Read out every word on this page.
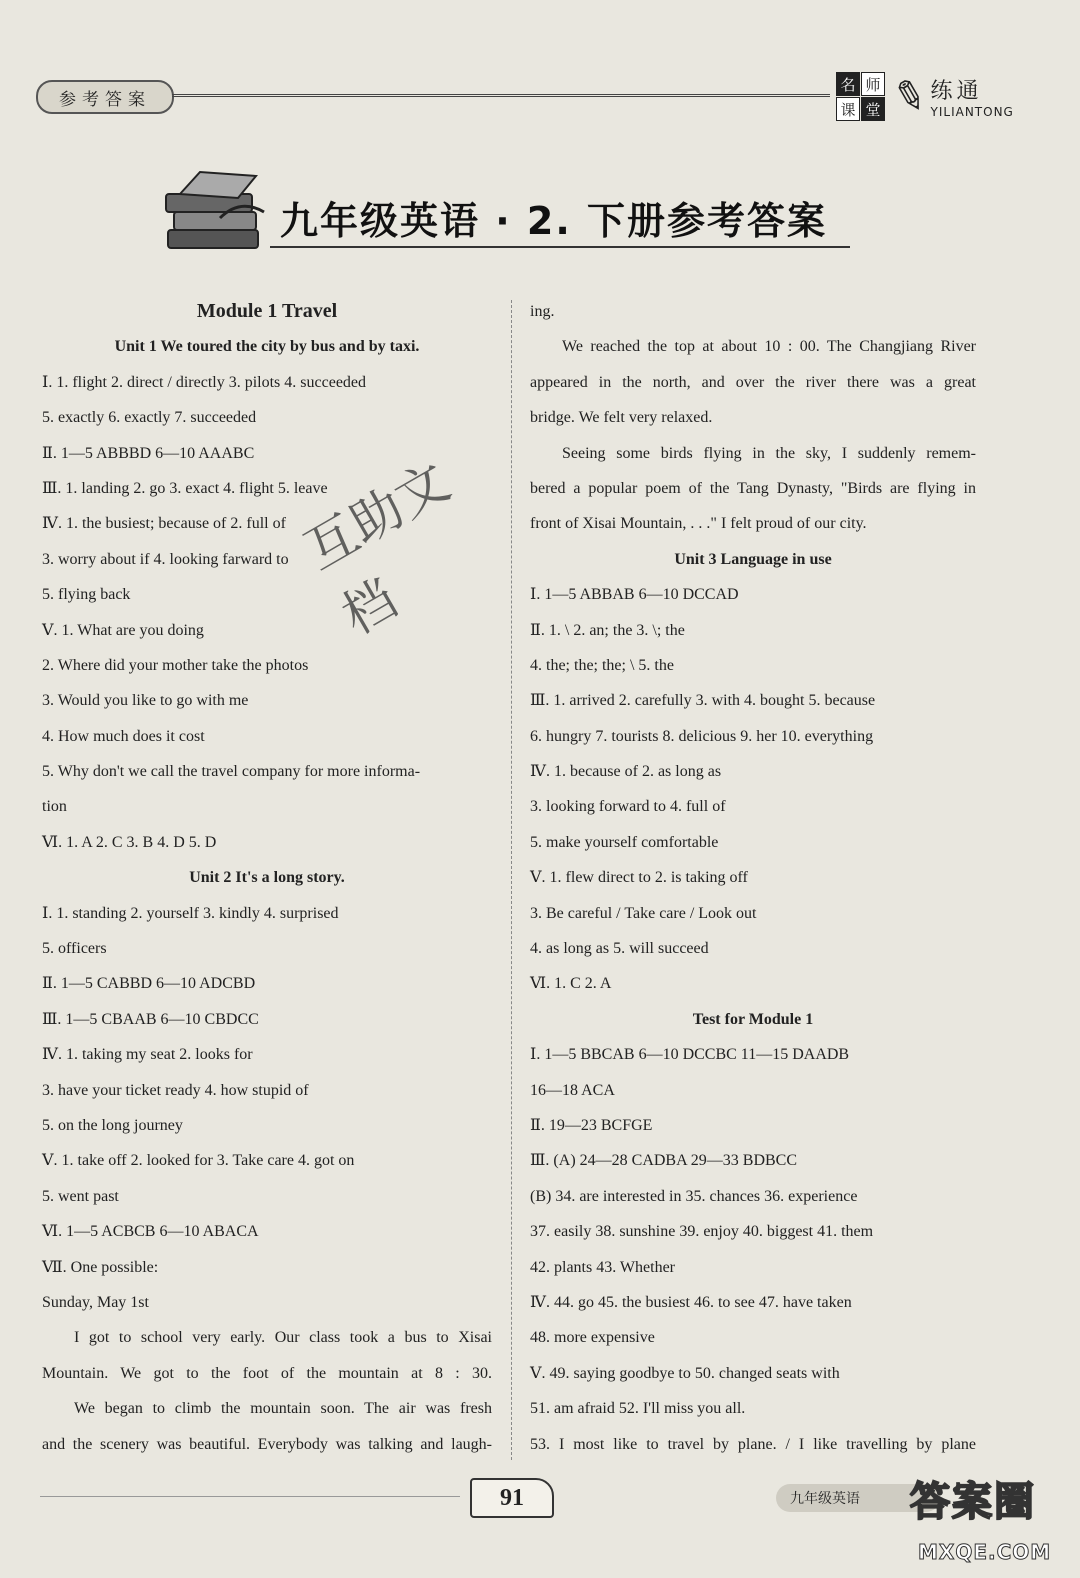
参考答案
名 师
课 堂 ✎
练通
YILIANTONG
九年级英语 · 2. 下册参考答案
Module 1 Travel
Unit 1 We toured the city by bus and by taxi.
Ⅰ. 1. flight 2. direct / directly 3. pilots 4. succeeded
5. exactly 6. exactly 7. succeeded
Ⅱ. 1—5 ABBBD 6—10 AAABC
Ⅲ. 1. landing 2. go 3. exact 4. flight 5. leave
Ⅳ. 1. the busiest; because of 2. full of
3. worry about if 4. looking farward to
5. flying back
Ⅴ. 1. What are you doing
2. Where did your mother take the photos
3. Would you like to go with me
4. How much does it cost
5. Why don't we call the travel company for more informa-
tion
Ⅵ. 1. A 2. C 3. B 4. D 5. D
Unit 2 It's a long story.
Ⅰ. 1. standing 2. yourself 3. kindly 4. surprised
5. officers
Ⅱ. 1—5 CABBD 6—10 ADCBD
Ⅲ. 1—5 CBAAB 6—10 CBDCC
Ⅳ. 1. taking my seat 2. looks for
3. have your ticket ready 4. how stupid of
5. on the long journey
Ⅴ. 1. take off 2. looked for 3. Take care 4. got on
5. went past
Ⅵ. 1—5 ACBCB 6—10 ABACA
Ⅶ. One possible:
Sunday, May 1st
I got to school very early. Our class took a bus to Xisai
Mountain. We got to the foot of the mountain at 8 : 30.
We began to climb the mountain soon. The air was fresh
and the scenery was beautiful. Everybody was talking and laugh-
ing.
We reached the top at about 10 : 00. The Changjiang River
appeared in the north, and over the river there was a great
bridge. We felt very relaxed.
Seeing some birds flying in the sky, I suddenly remem-
bered a popular poem of the Tang Dynasty, "Birds are flying in
front of Xisai Mountain, . . ." I felt proud of our city.
Unit 3 Language in use
Ⅰ. 1—5 ABBAB 6—10 DCCAD
Ⅱ. 1. \ 2. an; the 3. \; the
4. the; the; the; \ 5. the
Ⅲ. 1. arrived 2. carefully 3. with 4. bought 5. because
6. hungry 7. tourists 8. delicious 9. her 10. everything
Ⅳ. 1. because of 2. as long as
3. looking forward to 4. full of
5. make yourself comfortable
Ⅴ. 1. flew direct to 2. is taking off
3. Be careful / Take care / Look out
4. as long as 5. will succeed
Ⅵ. 1. C 2. A
Test for Module 1
Ⅰ. 1—5 BBCAB 6—10 DCCBC 11—15 DAADB
16—18 ACA
Ⅱ. 19—23 BCFGE
Ⅲ. (A) 24—28 CADBA 29—33 BDBCC
(B) 34. are interested in 35. chances 36. experience
37. easily 38. sunshine 39. enjoy 40. biggest 41. them
42. plants 43. Whether
Ⅳ. 44. go 45. the busiest 46. to see 47. have taken
48. more expensive
Ⅴ. 49. saying goodbye to 50. changed seats with
51. am afraid 52. I'll miss you all.
53. I most like to travel by plane. / I like travelling by plane
互助文档
91	九年级英语	答案圈
MXQE.COM
